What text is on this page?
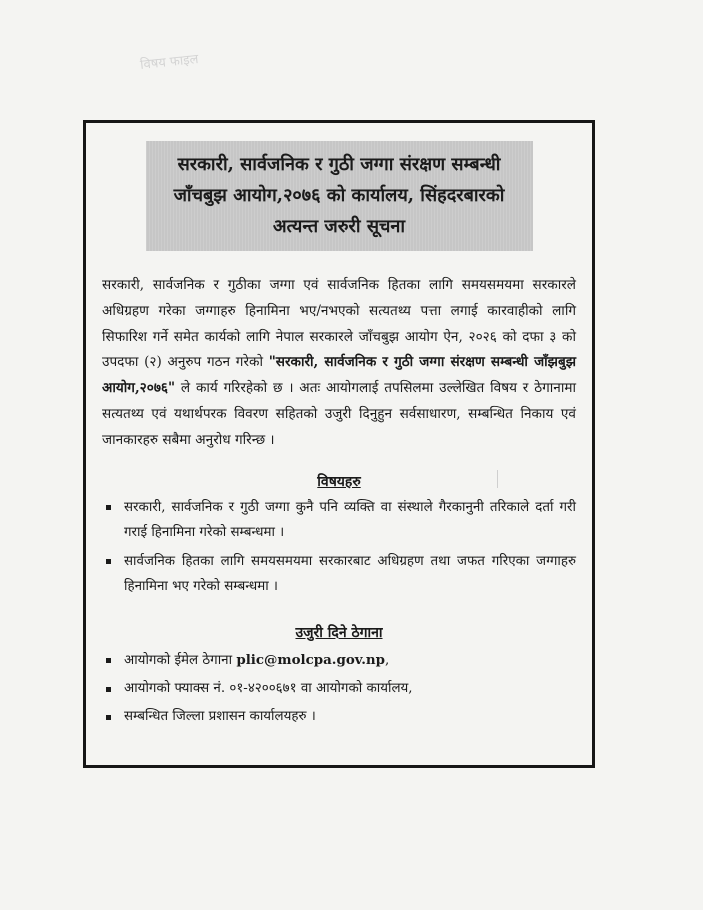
विषय फाइल
सरकारी, सार्वजनिक र गुठी जग्गा संरक्षण सम्बन्धी
जाँचबुझ आयोग,२०७६ को कार्यालय, सिंहदरबारको
अत्यन्त जरुरी सूचना
सरकारी, सार्वजनिक र गुठीका जग्गा एवं सार्वजनिक हितका लागि समयसमयमा सरकारले अधिग्रहण गरेका जग्गाहरु हिनामिना भए/नभएको सत्यतथ्य पत्ता लगाई कारवाहीको लागि सिफारिश गर्ने समेत कार्यको लागि नेपाल सरकारले जाँचबुझ आयोग ऐन, २०२६ को दफा ३ को उपदफा (२) अनुरुप गठन गरेको "सरकारी, सार्वजनिक र गुठी जग्गा संरक्षण सम्बन्धी जाँझबुझ आयोग,२०७६" ले कार्य गरिरहेको छ । अतः आयोगलाई तपसिलमा उल्लेखित विषय र ठेगानामा सत्यतथ्य एवं यथार्थपरक विवरण सहितको उजुरी दिनुहुन सर्वसाधारण, सम्बन्धित निकाय एवं जानकारहरु सबैमा अनुरोध गरिन्छ ।
विषयहरु
सरकारी, सार्वजनिक र गुठी जग्गा कुनै पनि व्यक्ति वा संस्थाले गैरकानुनी तरिकाले दर्ता गरी गराई हिनामिना गरेको सम्बन्धमा ।
सार्वजनिक हितका लागि समयसमयमा सरकारबाट अधिग्रहण तथा जफत गरिएका जग्गाहरु हिनामिना भए गरेको सम्बन्धमा ।
उजुरी दिने ठेगाना
आयोगको ईमेल ठेगाना plic@molcpa.gov.np,
आयोगको फ्याक्स नं. ०१-४२००६७१ वा आयोगको कार्यालय,
सम्बन्धित जिल्ला प्रशासन कार्यालयहरु ।
